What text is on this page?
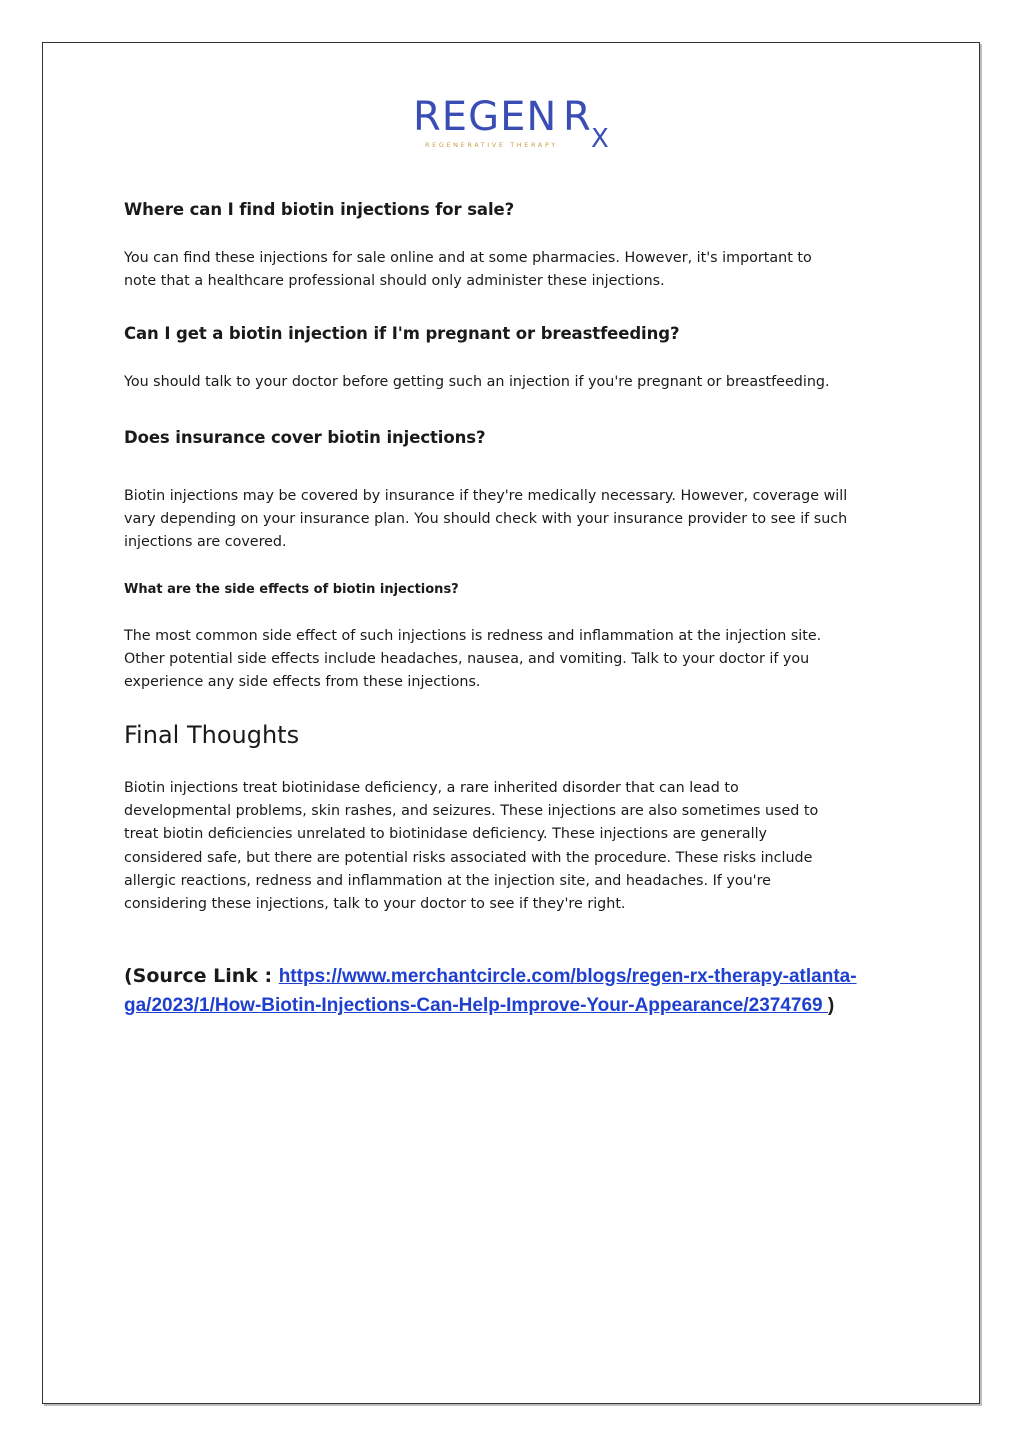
REGEN R X
REGENERATIVE THERAPY
Where can I find biotin injections for sale?

You can find these injections for sale online and at some pharmacies. However, it's important to
note that a healthcare professional should only administer these injections.

Can I get a biotin injection if I'm pregnant or breastfeeding?

You should talk to your doctor before getting such an injection if you're pregnant or breastfeeding.

Does insurance cover biotin injections?

Biotin injections may be covered by insurance if they're medically necessary. However, coverage will
vary depending on your insurance plan. You should check with your insurance provider to see if such
injections are covered.

What are the side effects of biotin injections?

The most common side effect of such injections is redness and inflammation at the injection site.
Other potential side effects include headaches, nausea, and vomiting. Talk to your doctor if you
experience any side effects from these injections.

Final Thoughts

Biotin injections treat biotinidase deficiency, a rare inherited disorder that can lead to
developmental problems, skin rashes, and seizures. These injections are also sometimes used to
treat biotin deficiencies unrelated to biotinidase deficiency. These injections are generally
considered safe, but there are potential risks associated with the procedure. These risks include
allergic reactions, redness and inflammation at the injection site, and headaches. If you're
considering these injections, talk to your doctor to see if they're right.

(Source Link : https://www.merchantcircle.com/blogs/regen-rx-therapy-atlanta-
ga/2023/1/How-Biotin-Injections-Can-Help-Improve-Your-Appearance/2374769 )
